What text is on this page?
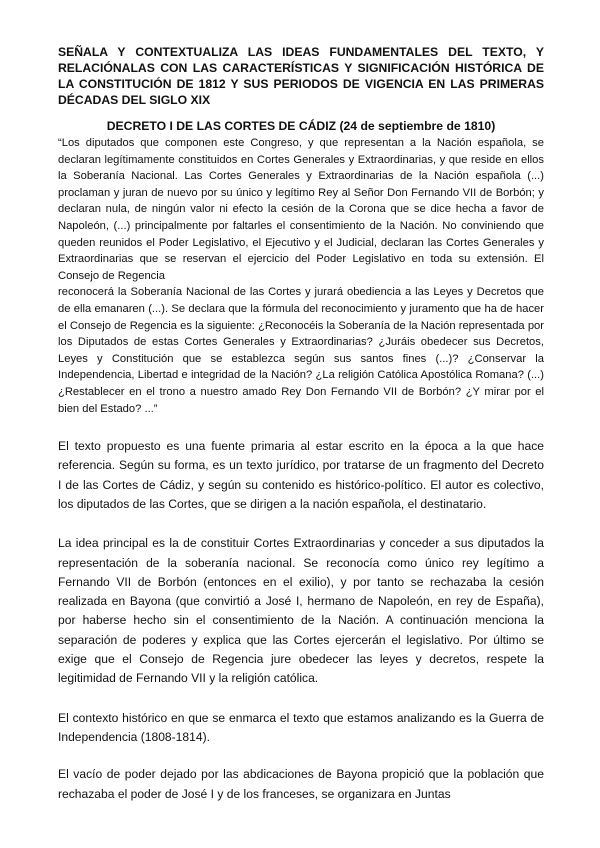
SEÑALA Y CONTEXTUALIZA LAS IDEAS FUNDAMENTALES DEL TEXTO, Y RELACIÓNALAS CON LAS CARACTERÍSTICAS Y SIGNIFICACIÓN HISTÓRICA DE LA CONSTITUCIÓN DE 1812 Y SUS PERIODOS DE VIGENCIA EN LAS PRIMERAS DÉCADAS DEL SIGLO XIX

DECRETO I DE LAS CORTES DE CÁDIZ (24 de septiembre de 1810)

“Los diputados que componen este Congreso, y que representan a la Nación española, se declaran legítimamente constituidos en Cortes Generales y Extraordinarias, y que reside en ellos la Soberanía Nacional. Las Cortes Generales y Extraordinarias de la Nación española (...) proclaman y juran de nuevo por su único y legítimo Rey al Señor Don Fernando VII de Borbón; y declaran nula, de ningún valor ni efecto la cesión de la Corona que se dice hecha a favor de Napoleón, (...) principalmente por faltarles el consentimiento de la Nación. No conviniendo que queden reunidos el Poder Legislativo, el Ejecutivo y el Judicial, declaran las Cortes Generales y Extraordinarias que se reservan el ejercicio del Poder Legislativo en toda su extensión. El Consejo de Regencia
reconocerá la Soberanía Nacional de las Cortes y jurará obediencia a las Leyes y Decretos que de ella emanaren (...). Se declara que la fórmula del reconocimiento y juramento que ha de hacer el Consejo de Regencia es la siguiente: ¿Reconocéis la Soberanía de la Nación representada por los Diputados de estas Cortes Generales y Extraordinarias? ¿Juráis obedecer sus Decretos, Leyes y Constitución que se establezca según sus santos fines (...)? ¿Conservar la Independencia, Libertad e integridad de la Nación? ¿La religión Católica Apostólica Romana? (...) ¿Restablecer en el trono a nuestro amado Rey Don Fernando VII de Borbón? ¿Y mirar por el bien del Estado? ...”

El texto propuesto es una fuente primaria al estar escrito en la época a la que hace referencia. Según su forma, es un texto jurídico, por tratarse de un fragmento del Decreto I de las Cortes de Cádiz, y según su contenido es histórico-político. El autor es colectivo, los diputados de las Cortes, que se dirigen a la nación española, el destinatario.

La idea principal es la de constituir Cortes Extraordinarias y conceder a sus diputados la representación de la soberanía nacional. Se reconocía como único rey legítimo a Fernando VII de Borbón (entonces en el exilio), y por tanto se rechazaba la cesión realizada en Bayona (que convirtió a José I, hermano de Napoleón, en rey de España), por haberse hecho sin el consentimiento de la Nación. A continuación menciona la separación de poderes y explica que las Cortes ejercerán el legislativo. Por último se exige que el Consejo de Regencia jure obedecer las leyes y decretos, respete la legitimidad de Fernando VII y la religión católica.

El contexto histórico en que se enmarca el texto que estamos analizando es la Guerra de Independencia (1808-1814).

El vacío de poder dejado por las abdicaciones de Bayona propició que la población que rechazaba el poder de José I y de los franceses, se organizara en Juntas
